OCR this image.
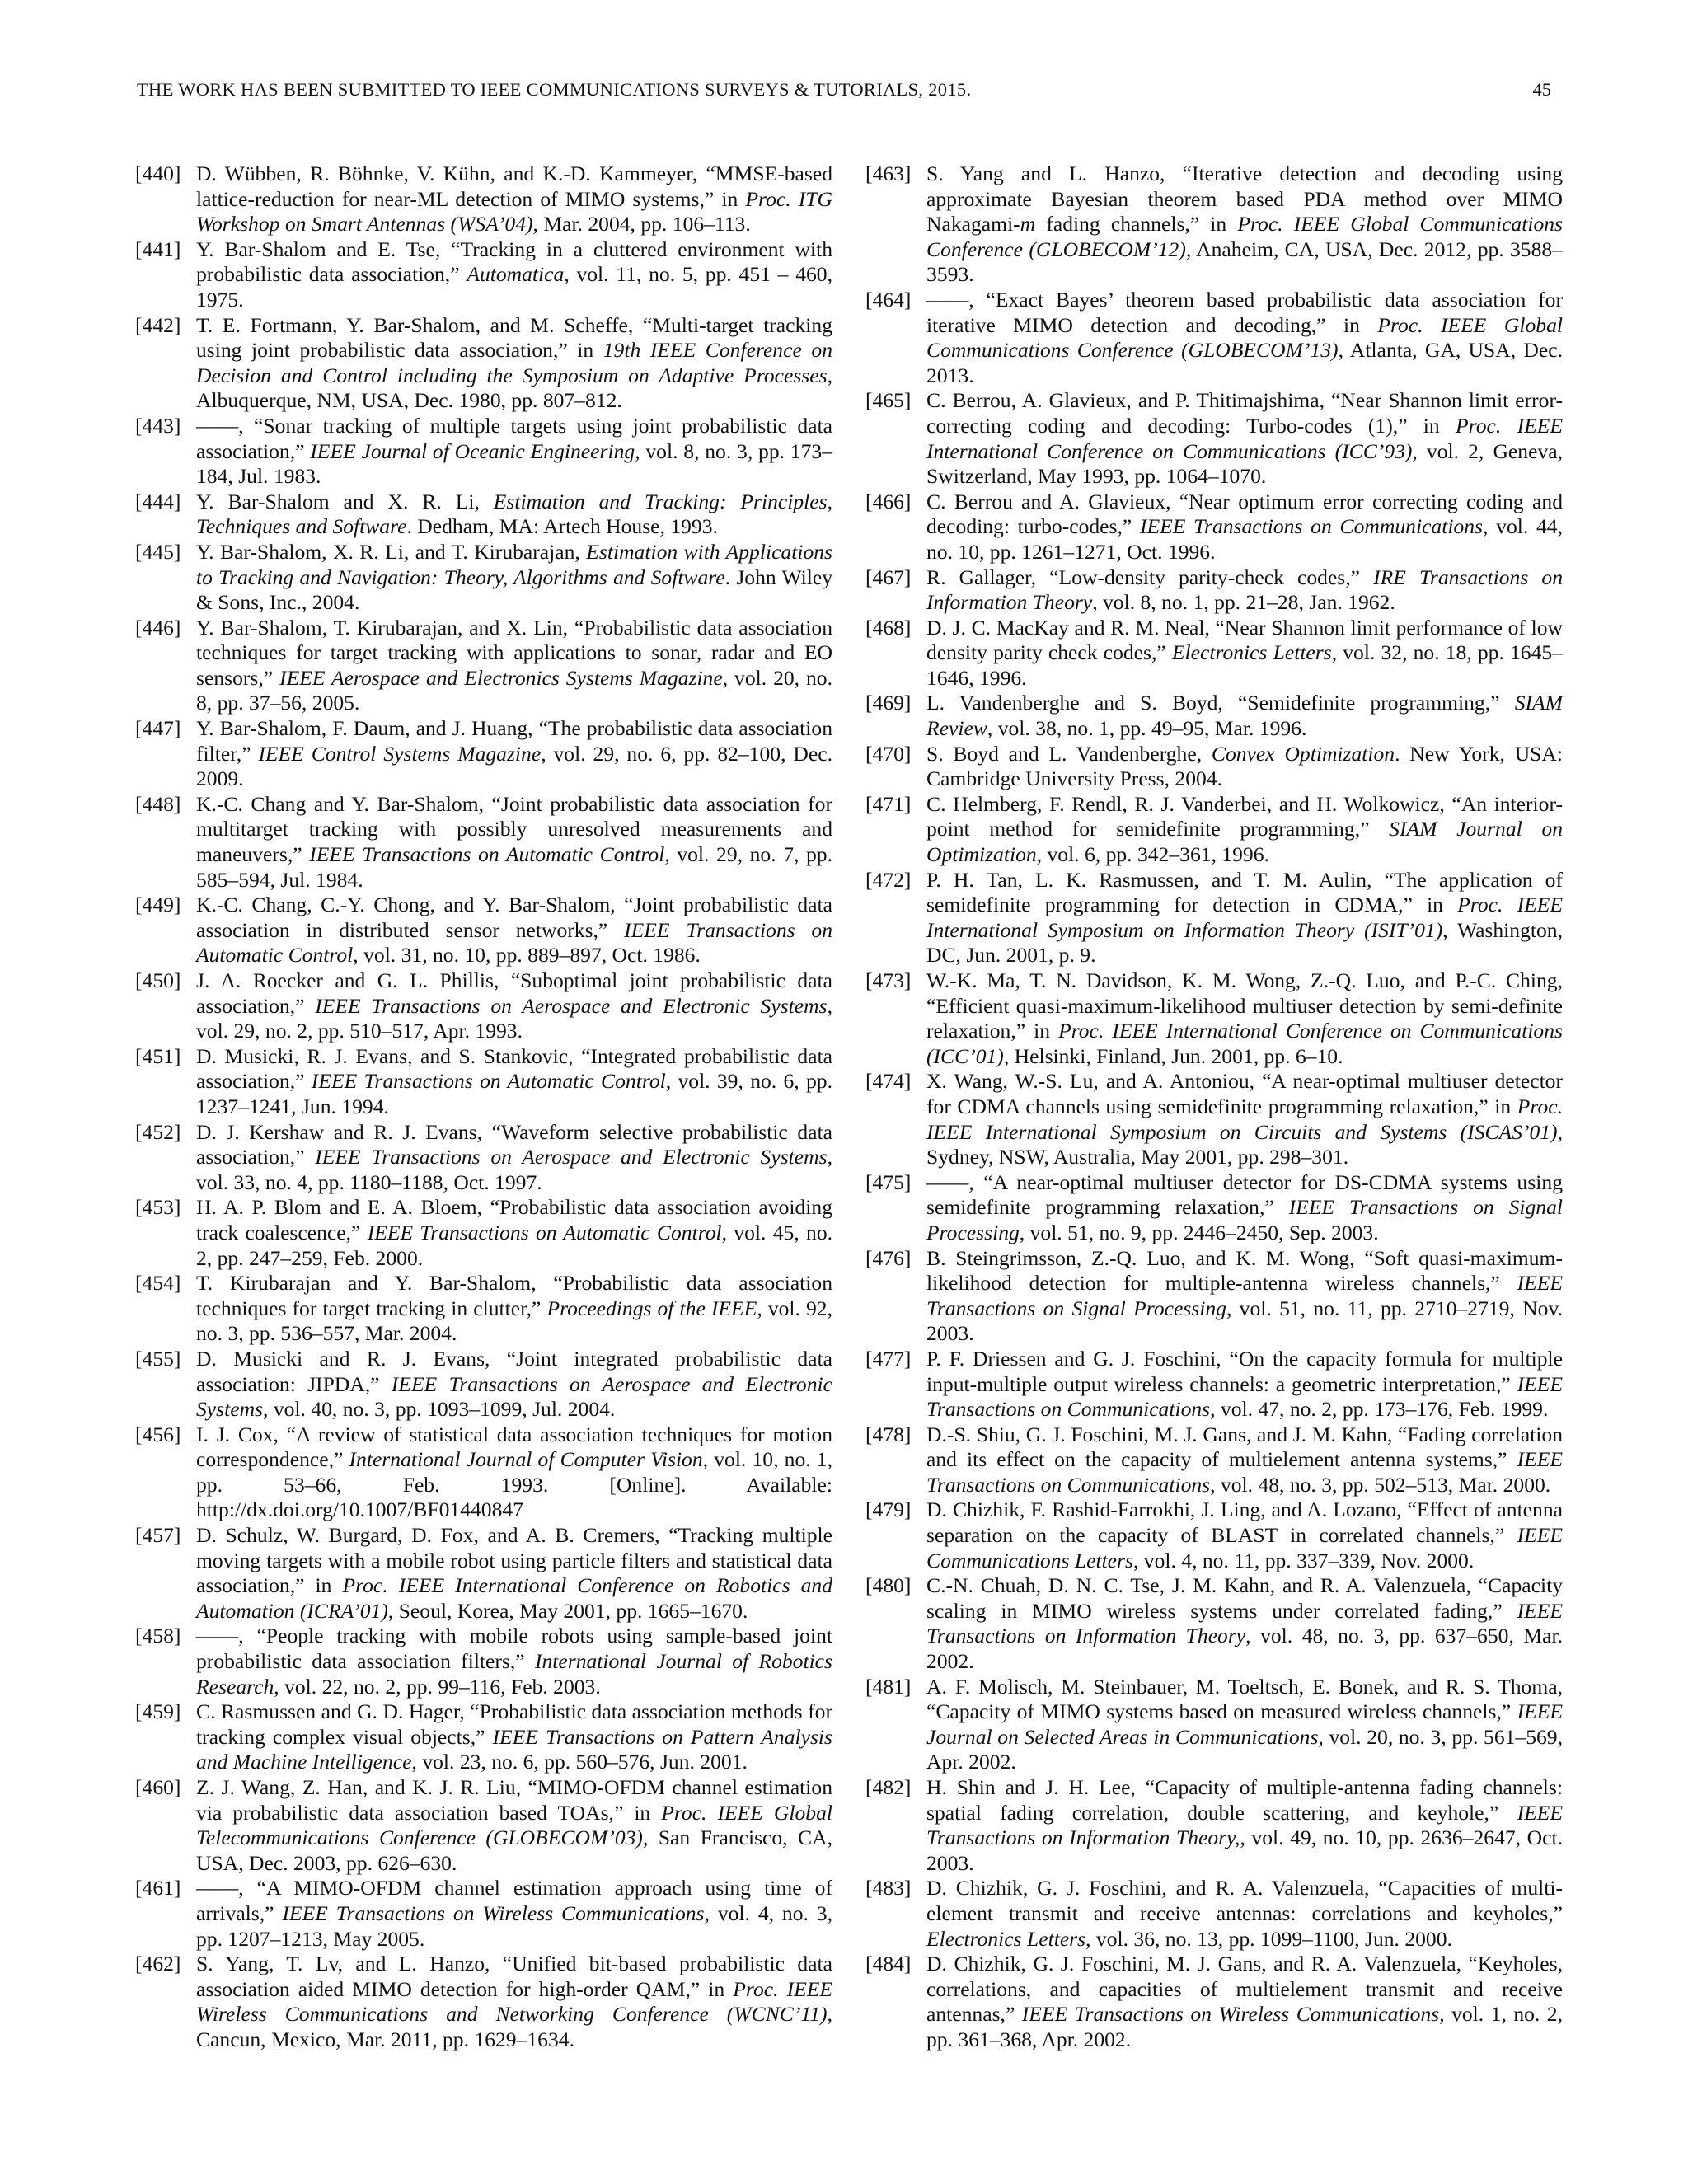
THE WORK HAS BEEN SUBMITTED TO IEEE COMMUNICATIONS SURVEYS & TUTORIALS, 2015.	45
[440] D. Wübben, R. Böhnke, V. Kühn, and K.-D. Kammeyer, “MMSE-based lattice-reduction for near-ML detection of MIMO systems,” in Proc. ITG Workshop on Smart Antennas (WSA’04), Mar. 2004, pp. 106–113.
[441] Y. Bar-Shalom and E. Tse, “Tracking in a cluttered environment with probabilistic data association,” Automatica, vol. 11, no. 5, pp. 451 – 460, 1975.
[442] T. E. Fortmann, Y. Bar-Shalom, and M. Scheffe, “Multi-target tracking using joint probabilistic data association,” in 19th IEEE Conference on Decision and Control including the Symposium on Adaptive Processes, Albuquerque, NM, USA, Dec. 1980, pp. 807–812.
[443] ——, “Sonar tracking of multiple targets using joint probabilistic data association,” IEEE Journal of Oceanic Engineering, vol. 8, no. 3, pp. 173–184, Jul. 1983.
[444] Y. Bar-Shalom and X. R. Li, Estimation and Tracking: Principles, Techniques and Software. Dedham, MA: Artech House, 1993.
[445] Y. Bar-Shalom, X. R. Li, and T. Kirubarajan, Estimation with Applications to Tracking and Navigation: Theory, Algorithms and Software. John Wiley & Sons, Inc., 2004.
[446] Y. Bar-Shalom, T. Kirubarajan, and X. Lin, “Probabilistic data association techniques for target tracking with applications to sonar, radar and EO sensors,” IEEE Aerospace and Electronics Systems Magazine, vol. 20, no. 8, pp. 37–56, 2005.
[447] Y. Bar-Shalom, F. Daum, and J. Huang, “The probabilistic data association filter,” IEEE Control Systems Magazine, vol. 29, no. 6, pp. 82–100, Dec. 2009.
[448] K.-C. Chang and Y. Bar-Shalom, “Joint probabilistic data association for multitarget tracking with possibly unresolved measurements and maneuvers,” IEEE Transactions on Automatic Control, vol. 29, no. 7, pp. 585–594, Jul. 1984.
[449] K.-C. Chang, C.-Y. Chong, and Y. Bar-Shalom, “Joint probabilistic data association in distributed sensor networks,” IEEE Transactions on Automatic Control, vol. 31, no. 10, pp. 889–897, Oct. 1986.
[450] J. A. Roecker and G. L. Phillis, “Suboptimal joint probabilistic data association,” IEEE Transactions on Aerospace and Electronic Systems, vol. 29, no. 2, pp. 510–517, Apr. 1993.
[451] D. Musicki, R. J. Evans, and S. Stankovic, “Integrated probabilistic data association,” IEEE Transactions on Automatic Control, vol. 39, no. 6, pp. 1237–1241, Jun. 1994.
[452] D. J. Kershaw and R. J. Evans, “Waveform selective probabilistic data association,” IEEE Transactions on Aerospace and Electronic Systems, vol. 33, no. 4, pp. 1180–1188, Oct. 1997.
[453] H. A. P. Blom and E. A. Bloem, “Probabilistic data association avoiding track coalescence,” IEEE Transactions on Automatic Control, vol. 45, no. 2, pp. 247–259, Feb. 2000.
[454] T. Kirubarajan and Y. Bar-Shalom, “Probabilistic data association techniques for target tracking in clutter,” Proceedings of the IEEE, vol. 92, no. 3, pp. 536–557, Mar. 2004.
[455] D. Musicki and R. J. Evans, “Joint integrated probabilistic data association: JIPDA,” IEEE Transactions on Aerospace and Electronic Systems, vol. 40, no. 3, pp. 1093–1099, Jul. 2004.
[456] I. J. Cox, “A review of statistical data association techniques for motion correspondence,” International Journal of Computer Vision, vol. 10, no. 1, pp. 53–66, Feb. 1993. [Online]. Available: http://dx.doi.org/10.1007/BF01440847
[457] D. Schulz, W. Burgard, D. Fox, and A. B. Cremers, “Tracking multiple moving targets with a mobile robot using particle filters and statistical data association,” in Proc. IEEE International Conference on Robotics and Automation (ICRA’01), Seoul, Korea, May 2001, pp. 1665–1670.
[458] ——, “People tracking with mobile robots using sample-based joint probabilistic data association filters,” International Journal of Robotics Research, vol. 22, no. 2, pp. 99–116, Feb. 2003.
[459] C. Rasmussen and G. D. Hager, “Probabilistic data association methods for tracking complex visual objects,” IEEE Transactions on Pattern Analysis and Machine Intelligence, vol. 23, no. 6, pp. 560–576, Jun. 2001.
[460] Z. J. Wang, Z. Han, and K. J. R. Liu, “MIMO-OFDM channel estimation via probabilistic data association based TOAs,” in Proc. IEEE Global Telecommunications Conference (GLOBECOM’03), San Francisco, CA, USA, Dec. 2003, pp. 626–630.
[461] ——, “A MIMO-OFDM channel estimation approach using time of arrivals,” IEEE Transactions on Wireless Communications, vol. 4, no. 3, pp. 1207–1213, May 2005.
[462] S. Yang, T. Lv, and L. Hanzo, “Unified bit-based probabilistic data association aided MIMO detection for high-order QAM,” in Proc. IEEE Wireless Communications and Networking Conference (WCNC’11), Cancun, Mexico, Mar. 2011, pp. 1629–1634.
[463] S. Yang and L. Hanzo, “Iterative detection and decoding using approximate Bayesian theorem based PDA method over MIMO Nakagami-m fading channels,” in Proc. IEEE Global Communications Conference (GLOBECOM’12), Anaheim, CA, USA, Dec. 2012, pp. 3588–3593.
[464] ——, “Exact Bayes’ theorem based probabilistic data association for iterative MIMO detection and decoding,” in Proc. IEEE Global Communications Conference (GLOBECOM’13), Atlanta, GA, USA, Dec. 2013.
[465] C. Berrou, A. Glavieux, and P. Thitimajshima, “Near Shannon limit error-correcting coding and decoding: Turbo-codes (1),” in Proc. IEEE International Conference on Communications (ICC’93), vol. 2, Geneva, Switzerland, May 1993, pp. 1064–1070.
[466] C. Berrou and A. Glavieux, “Near optimum error correcting coding and decoding: turbo-codes,” IEEE Transactions on Communications, vol. 44, no. 10, pp. 1261–1271, Oct. 1996.
[467] R. Gallager, “Low-density parity-check codes,” IRE Transactions on Information Theory, vol. 8, no. 1, pp. 21–28, Jan. 1962.
[468] D. J. C. MacKay and R. M. Neal, “Near Shannon limit performance of low density parity check codes,” Electronics Letters, vol. 32, no. 18, pp. 1645–1646, 1996.
[469] L. Vandenberghe and S. Boyd, “Semidefinite programming,” SIAM Review, vol. 38, no. 1, pp. 49–95, Mar. 1996.
[470] S. Boyd and L. Vandenberghe, Convex Optimization. New York, USA: Cambridge University Press, 2004.
[471] C. Helmberg, F. Rendl, R. J. Vanderbei, and H. Wolkowicz, “An interior-point method for semidefinite programming,” SIAM Journal on Optimization, vol. 6, pp. 342–361, 1996.
[472] P. H. Tan, L. K. Rasmussen, and T. M. Aulin, “The application of semidefinite programming for detection in CDMA,” in Proc. IEEE International Symposium on Information Theory (ISIT’01), Washington, DC, Jun. 2001, p. 9.
[473] W.-K. Ma, T. N. Davidson, K. M. Wong, Z.-Q. Luo, and P.-C. Ching, “Efficient quasi-maximum-likelihood multiuser detection by semi-definite relaxation,” in Proc. IEEE International Conference on Communications (ICC’01), Helsinki, Finland, Jun. 2001, pp. 6–10.
[474] X. Wang, W.-S. Lu, and A. Antoniou, “A near-optimal multiuser detector for CDMA channels using semidefinite programming relaxation,” in Proc. IEEE International Symposium on Circuits and Systems (ISCAS’01), Sydney, NSW, Australia, May 2001, pp. 298–301.
[475] ——, “A near-optimal multiuser detector for DS-CDMA systems using semidefinite programming relaxation,” IEEE Transactions on Signal Processing, vol. 51, no. 9, pp. 2446–2450, Sep. 2003.
[476] B. Steingrimsson, Z.-Q. Luo, and K. M. Wong, “Soft quasi-maximum-likelihood detection for multiple-antenna wireless channels,” IEEE Transactions on Signal Processing, vol. 51, no. 11, pp. 2710–2719, Nov. 2003.
[477] P. F. Driessen and G. J. Foschini, “On the capacity formula for multiple input-multiple output wireless channels: a geometric interpretation,” IEEE Transactions on Communications, vol. 47, no. 2, pp. 173–176, Feb. 1999.
[478] D.-S. Shiu, G. J. Foschini, M. J. Gans, and J. M. Kahn, “Fading correlation and its effect on the capacity of multielement antenna systems,” IEEE Transactions on Communications, vol. 48, no. 3, pp. 502–513, Mar. 2000.
[479] D. Chizhik, F. Rashid-Farrokhi, J. Ling, and A. Lozano, “Effect of antenna separation on the capacity of BLAST in correlated channels,” IEEE Communications Letters, vol. 4, no. 11, pp. 337–339, Nov. 2000.
[480] C.-N. Chuah, D. N. C. Tse, J. M. Kahn, and R. A. Valenzuela, “Capacity scaling in MIMO wireless systems under correlated fading,” IEEE Transactions on Information Theory, vol. 48, no. 3, pp. 637–650, Mar. 2002.
[481] A. F. Molisch, M. Steinbauer, M. Toeltsch, E. Bonek, and R. S. Thoma, “Capacity of MIMO systems based on measured wireless channels,” IEEE Journal on Selected Areas in Communications, vol. 20, no. 3, pp. 561–569, Apr. 2002.
[482] H. Shin and J. H. Lee, “Capacity of multiple-antenna fading channels: spatial fading correlation, double scattering, and keyhole,” IEEE Transactions on Information Theory,, vol. 49, no. 10, pp. 2636–2647, Oct. 2003.
[483] D. Chizhik, G. J. Foschini, and R. A. Valenzuela, “Capacities of multi-element transmit and receive antennas: correlations and keyholes,” Electronics Letters, vol. 36, no. 13, pp. 1099–1100, Jun. 2000.
[484] D. Chizhik, G. J. Foschini, M. J. Gans, and R. A. Valenzuela, “Keyholes, correlations, and capacities of multielement transmit and receive antennas,” IEEE Transactions on Wireless Communications, vol. 1, no. 2, pp. 361–368, Apr. 2002.
